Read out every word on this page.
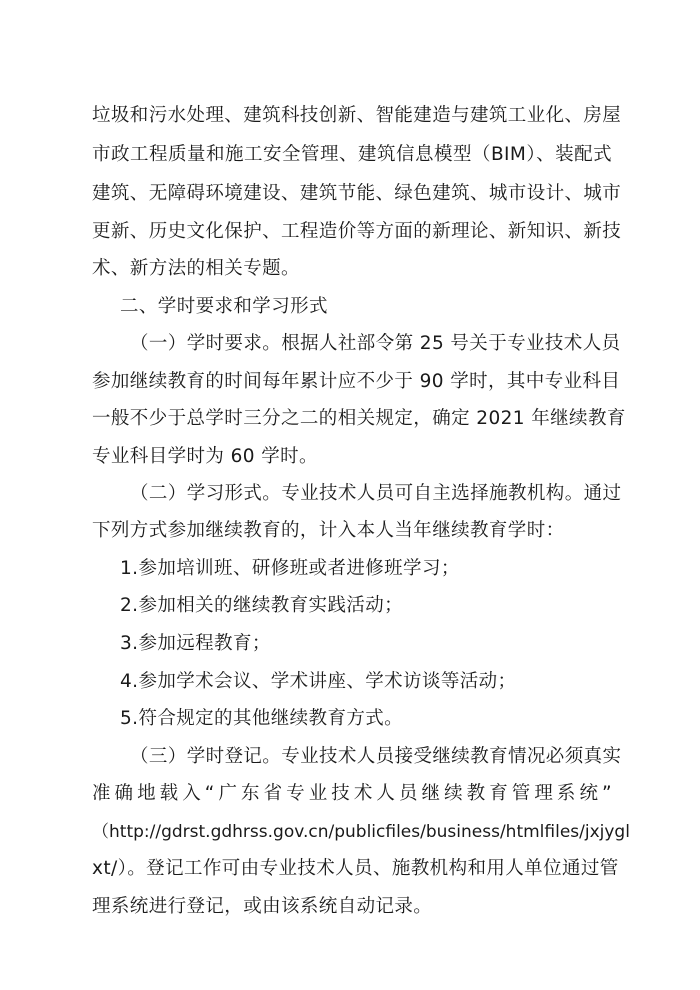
垃圾和污水处理、建筑科技创新、智能建造与建筑工业化、房屋
市政工程质量和施工安全管理、建筑信息模型（BIM）、装配式
建筑、无障碍环境建设、建筑节能、绿色建筑、城市设计、城市
更新、历史文化保护、工程造价等方面的新理论、新知识、新技
术、新方法的相关专题。
二、学时要求和学习形式
（一）学时要求。根据人社部令第 25 号关于专业技术人员
参加继续教育的时间每年累计应不少于 90 学时，其中专业科目
一般不少于总学时三分之二的相关规定，确定 2021 年继续教育
专业科目学时为 60 学时。
（二）学习形式。专业技术人员可自主选择施教机构。通过
下列方式参加继续教育的，计入本人当年继续教育学时：
1.参加培训班、研修班或者进修班学习；
2.参加相关的继续教育实践活动；
3.参加远程教育；
4.参加学术会议、学术讲座、学术访谈等活动；
5.符合规定的其他继续教育方式。
（三）学时登记。专业技术人员接受继续教育情况必须真实
准确地载入“广东省专业技术人员继续教育管理系统”
（http://gdrst.gdhrss.gov.cn/publicfiles/business/htmlfiles/jxjygl
xt/）。登记工作可由专业技术人员、施教机构和用人单位通过管
理系统进行登记，或由该系统自动记录。
